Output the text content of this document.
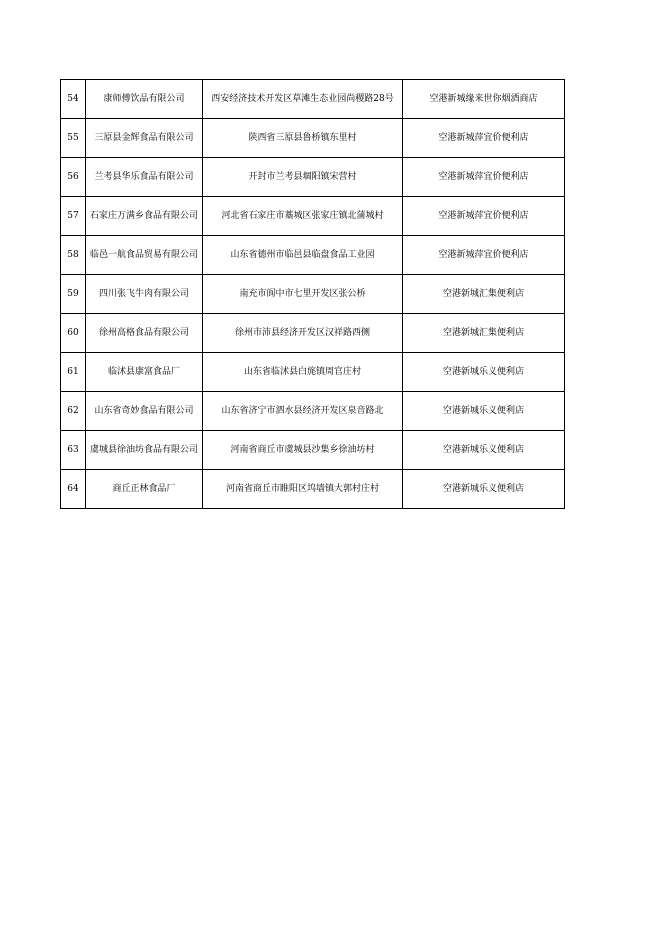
54	康师傅饮品有限公司	西安经济技术开发区草滩生态业园尚稷路28号	空港新城缘来世你烟酒商店
55	三原县金辉食品有限公司	陕西省三原县鲁桥镇东里村	空港新城萍宜价便利店
56	兰考县华乐食品有限公司	开封市兰考县堌阳镇宋营村	空港新城萍宜价便利店
57	石家庄万满乡食品有限公司	河北省石家庄市藁城区张家庄镇北蒲城村	空港新城萍宜价便利店
58	临邑一航食品贸易有限公司	山东省德州市临邑县临盘食品工业园	空港新城萍宜价便利店
59	四川张飞牛肉有限公司	南充市阆中市七里开发区张公桥	空港新城汇集便利店
60	徐州高格食品有限公司	徐州市沛县经济开发区汉祥路西侧	空港新城汇集便利店
61	临沭县康富食品厂	山东省临沭县白旄镇周官庄村	空港新城乐义便利店
62	山东省奇妙食品有限公司	山东省济宁市泗水县经济开发区泉音路北	空港新城乐义便利店
63	虞城县徐油坊食品有限公司	河南省商丘市虞城县沙集乡徐油坊村	空港新城乐义便利店
64	商丘正林食品厂	河南省商丘市睢阳区坞墙镇大郭村庄村	空港新城乐义便利店
